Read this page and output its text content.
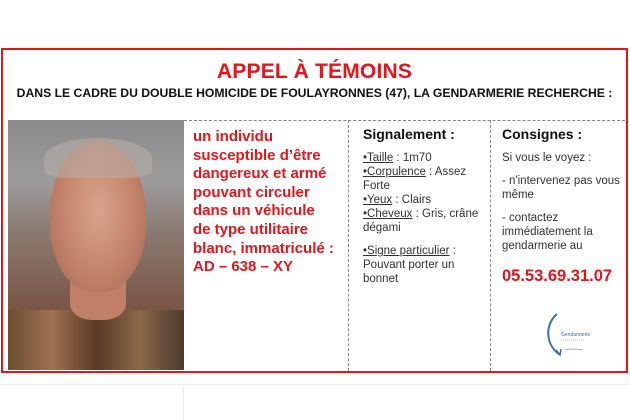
APPEL À TÉMOINS
DANS LE CADRE DU DOUBLE HOMICIDE DE FOULAYRONNES (47), LA GENDARMERIE RECHERCHE :
un individu
susceptible d’être
dangereux et armé
pouvant circuler
dans un véhicule
de type utilitaire
blanc, immatriculé :
AD – 638 – XY
Signalement :
•Taille : 1m70
•Corpulence : Assez Forte
•Yeux : Clairs
•Cheveux : Gris, crâne dégami
•Signe particulier : Pouvant porter un bonnet
Consignes :
Si vous le voyez :
- n'intervenez pas vous même
- contactez immédiatement la gendarmerie au
05.53.69.31.07
Gendarmerie
